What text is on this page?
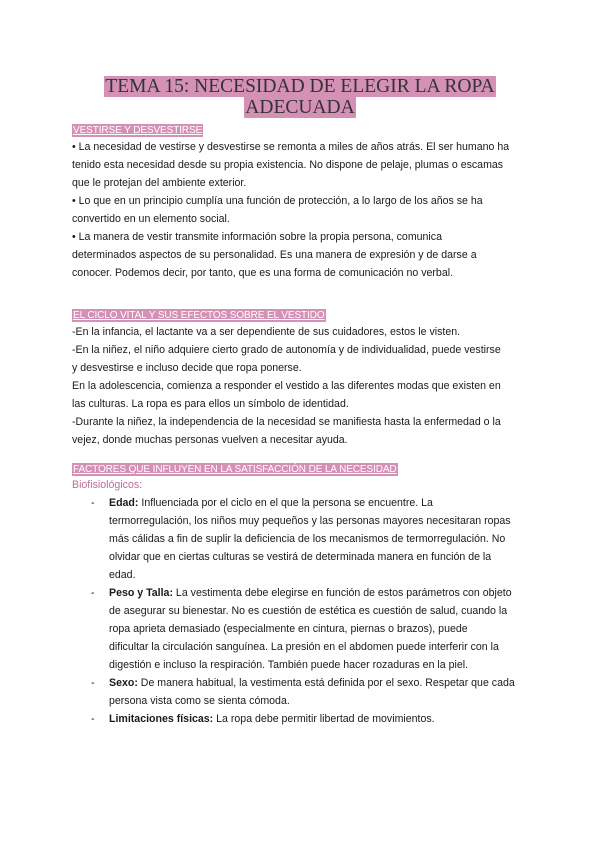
TEMA 15: NECESIDAD DE ELEGIR LA ROPA
ADECUADA
VESTIRSE Y DESVESTIRSE

• La necesidad de vestirse y desvestirse se remonta a miles de años atrás. El ser humano ha

tenido esta necesidad desde su propia existencia. No dispone de pelaje, plumas o escamas

que le protejan del ambiente exterior.

• Lo que en un principio cumplía una función de protección, a lo largo de los años se ha

convertido en un elemento social.

• La manera de vestir transmite información sobre la propia persona, comunica

determinados aspectos de su personalidad. Es una manera de expresión y de darse a

conocer. Podemos decir, por tanto, que es una forma de comunicación no verbal.

EL CICLO VITAL Y SUS EFECTOS SOBRE EL VESTIDO

-En la infancia, el lactante va a ser dependiente de sus cuidadores, estos le visten.

-En la niñez, el niño adquiere cierto grado de autonomía y de individualidad, puede vestirse

y desvestirse e incluso decide que ropa ponerse.

En la adolescencia, comienza a responder el vestido a las diferentes modas que existen en

las culturas. La ropa es para ellos un símbolo de identidad.

-Durante la niñez, la independencia de la necesidad se manifiesta hasta la enfermedad o la

vejez, donde muchas personas vuelven a necesitar ayuda.

FACTORES QUE INFLUYEN EN LA SATISFACCIÓN DE LA NECESIDAD
Biofisiológicos:
- Edad: Influenciada por el ciclo en el que la persona se encuentre. La
termorregulación, los niños muy pequeños y las personas mayores necesitaran ropas
más cálidas a fin de suplir la deficiencia de los mecanismos de termorregulación. No
olvidar que en ciertas culturas se vestirá de determinada manera en función de la
edad.
- Peso y Talla: La vestimenta debe elegirse en función de estos parámetros con objeto
de asegurar su bienestar. No es cuestión de estética es cuestión de salud, cuando la
ropa aprieta demasiado (especialmente en cintura, piernas o brazos), puede
dificultar la circulación sanguínea. La presión en el abdomen puede interferir con la
digestión e incluso la respiración. También puede hacer rozaduras en la piel.
- Sexo: De manera habitual, la vestimenta está definida por el sexo. Respetar que cada
persona vista como se sienta cómoda.
- Limitaciones físicas: La ropa debe permitir libertad de movimientos.
